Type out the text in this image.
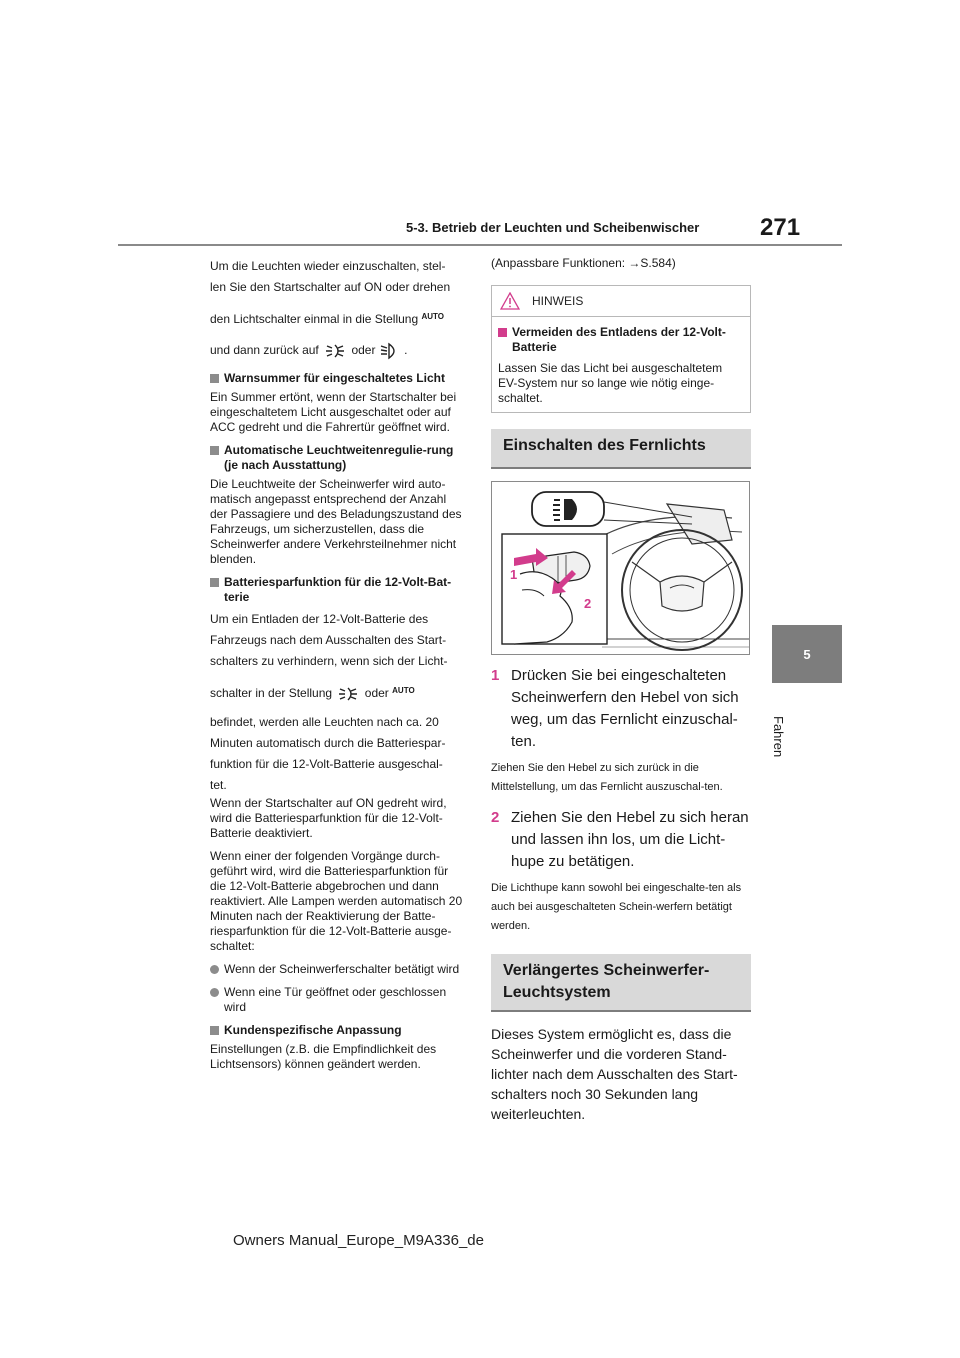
5-3. Betrieb der Leuchten und Scheibenwischer	271
5
Fahren
Um die Leuchten wieder einzuschalten, stel-
len Sie den Startschalter auf ON oder drehen
den Lichtschalter einmal in die Stellung $^{AUTO}$
und dann zurück auf	oder .
Warnsummer für eingeschaltetes Licht
Ein Summer ertönt, wenn der Startschalter bei eingeschaltetem Licht ausgeschaltet oder auf ACC gedreht und die Fahrertür geöffnet wird.
Automatische Leuchtweitenregulie-rung (je nach Ausstattung)
Die Leuchtweite der Scheinwerfer wird auto-matisch angepasst entsprechend der Anzahl der Passagiere und des Beladungszustand des Fahrzeugs, um sicherzustellen, dass die Scheinwerfer andere Verkehrsteilnehmer nicht blenden.
Batteriesparfunktion für die 12-Volt-Bat-terie
Um ein Entladen der 12-Volt-Batterie des
Fahrzeugs nach dem Ausschalten des Start-
schalters zu verhindern, wenn sich der Licht-
schalter in der Stellung	oder $^{AUTO}$
befindet, werden alle Leuchten nach ca. 20
Minuten automatisch durch die Batteriespar-
funktion für die 12-Volt-Batterie ausgeschal-
tet.
Wenn der Startschalter auf ON gedreht wird, wird die Batteriesparfunktion für die 12-Volt-Batterie deaktiviert.
Wenn einer der folgenden Vorgänge durch-geführt wird, wird die Batteriesparfunktion für die 12-Volt-Batterie abgebrochen und dann reaktiviert. Alle Lampen werden automatisch 20 Minuten nach der Reaktivierung der Batte-riesparfunktion für die 12-Volt-Batterie ausge-schaltet:
Wenn der Scheinwerferschalter betätigt wird
Wenn eine Tür geöffnet oder geschlossen wird
Kundenspezifische Anpassung
Einstellungen (z.B. die Empfindlichkeit des Lichtsensors) können geändert werden.
(Anpassbare Funktionen: →S.584)
HINWEIS
Vermeiden des Entladens der 12-Volt-Batterie
Lassen Sie das Licht bei ausgeschaltetem EV-System nur so lange wie nötig einge-schaltet.
Einschalten des Fernlichts
1
2
1 Drücken Sie bei eingeschalteten Scheinwerfern den Hebel von sich weg, um das Fernlicht einzuschal-ten.
Ziehen Sie den Hebel zu sich zurück in die Mittelstellung, um das Fernlicht auszuschal-ten.
2 Ziehen Sie den Hebel zu sich heran und lassen ihn los, um die Licht-hupe zu betätigen.
Die Lichthupe kann sowohl bei eingeschalte-ten als auch bei ausgeschalteten Schein-werfern betätigt werden.
Verlängertes Scheinwerfer-Leuchtsystem
Dieses System ermöglicht es, dass die Scheinwerfer und die vorderen Stand-lichter nach dem Ausschalten des Start-schalters noch 30 Sekunden lang weiterleuchten.
Owners Manual_Europe_M9A336_de
